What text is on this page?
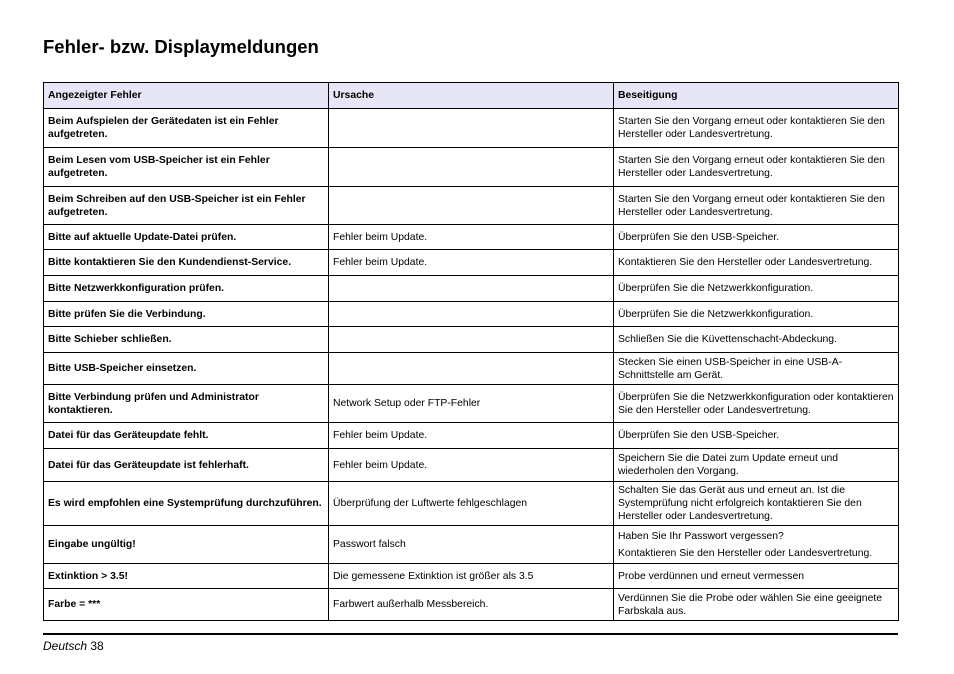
Fehler- bzw. Displaymeldungen
Angezeigter Fehler	Ursache	Beseitigung
Beim Aufspielen der Gerätedaten ist ein Fehler aufgetreten.		Starten Sie den Vorgang erneut oder kontaktieren Sie den Hersteller oder Landesvertretung.
Beim Lesen vom USB-Speicher ist ein Fehler aufgetreten.		Starten Sie den Vorgang erneut oder kontaktieren Sie den Hersteller oder Landesvertretung.
Beim Schreiben auf den USB-Speicher ist ein Fehler aufgetreten.		Starten Sie den Vorgang erneut oder kontaktieren Sie den Hersteller oder Landesvertretung.
Bitte auf aktuelle Update-Datei prüfen.	Fehler beim Update.	Überprüfen Sie den USB-Speicher.
Bitte kontaktieren Sie den Kundendienst-Service.	Fehler beim Update.	Kontaktieren Sie den Hersteller oder Landesvertretung.
Bitte Netzwerkkonfiguration prüfen.		Überprüfen Sie die Netzwerkkonfiguration.
Bitte prüfen Sie die Verbindung.		Überprüfen Sie die Netzwerkkonfiguration.
Bitte Schieber schließen.		Schließen Sie die Küvettenschacht-Abdeckung.
Bitte USB-Speicher einsetzen.		Stecken Sie einen USB-Speicher in eine USB-A-Schnittstelle am Gerät.
Bitte Verbindung prüfen und Administrator kontaktieren.	Network Setup oder FTP-Fehler	Überprüfen Sie die Netzwerkkonfiguration oder kontaktieren Sie den Hersteller oder Landesvertretung.
Datei für das Geräteupdate fehlt.	Fehler beim Update.	Überprüfen Sie den USB-Speicher.
Datei für das Geräteupdate ist fehlerhaft.	Fehler beim Update.	Speichern Sie die Datei zum Update erneut und wiederholen den Vorgang.
Es wird empfohlen eine Systemprüfung durchzuführen.	Überprüfung der Luftwerte fehlgeschlagen	Schalten Sie das Gerät aus und erneut an. Ist die Systemprüfung nicht erfolgreich kontaktieren Sie den Hersteller oder Landesvertretung.
Eingabe ungültig!	Passwort falsch	Haben Sie Ihr Passwort vergessen?
Kontaktieren Sie den Hersteller oder Landesvertretung.

Extinktion > 3.5!	Die gemessene Extinktion ist größer als 3.5	Probe verdünnen und erneut vermessen
Farbe = ***	Farbwert außerhalb Messbereich.	Verdünnen Sie die Probe oder wählen Sie eine geeignete Farbskala aus.
Deutsch 38
